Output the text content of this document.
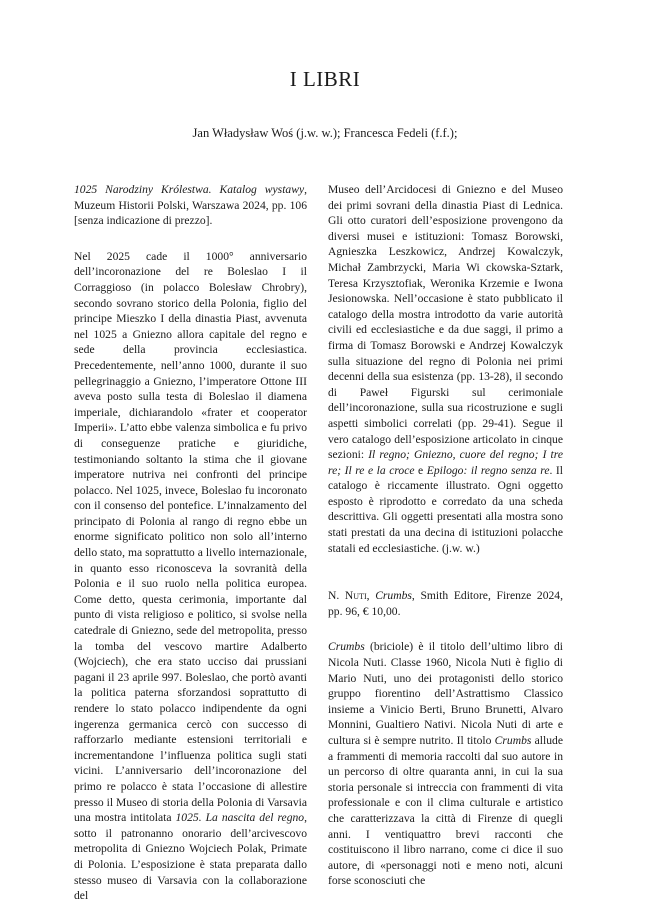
I LIBRI
Jan Władysław Woś (j.w. w.); Francesca Fedeli (f.f.);

1025 Narodziny Królestwa. Katalog wystawy, Muzeum Historii Polski, Warszawa 2024, pp. 106 [senza indicazione di prezzo].

Nel 2025 cade il 1000° anniversario dell’incoronazione del re Boleslao I il Corraggioso (in polacco Bolesław Chrobry), secondo sovrano storico della Polonia, figlio del principe Mieszko I della dinastia Piast, avvenuta nel 1025 a Gniezno allora capitale del regno e sede della provincia ecclesiastica. Precedentemente, nell’anno 1000, durante il suo pellegrinaggio a Gniezno, l’imperatore Ottone III aveva posto sulla testa di Boleslao il diamena imperiale, dichiarandolo «frater et cooperator Imperii». L’atto ebbe valenza simbolica e fu privo di conseguenze pratiche e giuridiche, testimoniando soltanto la stima che il giovane imperatore nutriva nei confronti del principe polacco. Nel 1025, invece, Boleslao fu incoronato con il consenso del pontefice. L’innalzamento del principato di Polonia al rango di regno ebbe un enorme significato politico non solo all’interno dello stato, ma soprattutto a livello internazionale, in quanto esso riconosceva la sovranità della Polonia e il suo ruolo nella politica europea. Come detto, questa cerimonia, importante dal punto di vista religioso e politico, si svolse nella catedrale di Gniezno, sede del metropolita, presso la tomba del vescovo martire Adalberto (Wojciech), che era stato ucciso dai prussiani pagani il 23 aprile 997. Boleslao, che portò avanti la politica paterna sforzandosi soprattutto di rendere lo stato polacco indipendente da ogni ingerenza germanica cercò con successo di rafforzarlo mediante estensioni territoriali e incrementandone l’influenza politica sugli stati vicini. L’anniversario dell’incoronazione del primo re polacco è stata l’occasione di allestire presso il Museo di storia della Polonia di Varsavia una mostra intitolata 1025. La nascita del regno, sotto il patronanno onorario dell’arcivescovo metropolita di Gniezno Wojciech Polak, Primate di Polonia. L’esposizione è stata preparata dallo stesso museo di Varsavia con la collaborazione del

Museo dell’Arcidocesi di Gniezno e del Museo dei primi sovrani della dinastia Piast di Lednica. Gli otto curatori dell’esposizione provengono da diversi musei e istituzioni: Tomasz Borowski, Agnieszka Leszkowicz, Andrzej Kowalczyk, Michał Zambrzycki, Maria Wi ckowska-Sztark, Teresa Krzysztofiak, Weronika Krzemie e Iwona Jesionowska. Nell’occasione è stato pubblicato il catalogo della mostra introdotto da varie autorità civili ed ecclesiastiche e da due saggi, il primo a firma di Tomasz Borowski e Andrzej Kowalczyk sulla situazione del regno di Polonia nei primi decenni della sua esistenza (pp. 13-28), il secondo di Paweł Figurski sul cerimoniale dell’incoronazione, sulla sua ricostruzione e sugli aspetti simbolici correlati (pp. 29-41). Segue il vero catalogo dell’esposizione articolato in cinque sezioni: Il regno; Gniezno, cuore del regno; I tre re; Il re e la croce e Epilogo: il regno senza re. Il catalogo è riccamente illustrato. Ogni oggetto esposto è riprodotto e corredato da una scheda descrittiva. Gli oggetti presentati alla mostra sono stati prestati da una decina di istituzioni polacche statali ed ecclesiastiche. (j.w. w.)

N. Nuti, Crumbs, Smith Editore, Firenze 2024, pp. 96, € 10,00.

Crumbs (briciole) è il titolo dell’ultimo libro di Nicola Nuti. Classe 1960, Nicola Nuti è figlio di Mario Nuti, uno dei protagonisti dello storico gruppo fiorentino dell’Astrattismo Classico insieme a Vinicio Berti, Bruno Brunetti, Alvaro Monnini, Gualtiero Nativi. Nicola Nuti di arte e cultura si è sempre nutrito. Il titolo Crumbs allude a frammenti di memoria raccolti dal suo autore in un percorso di oltre quaranta anni, in cui la sua storia personale si intreccia con frammenti di vita professionale e con il clima culturale e artistico che caratterizzava la città di Firenze di quegli anni. I ventiquattro brevi racconti che costituiscono il libro narrano, come ci dice il suo autore, di «personaggi noti e meno noti, alcuni forse sconosciuti che
